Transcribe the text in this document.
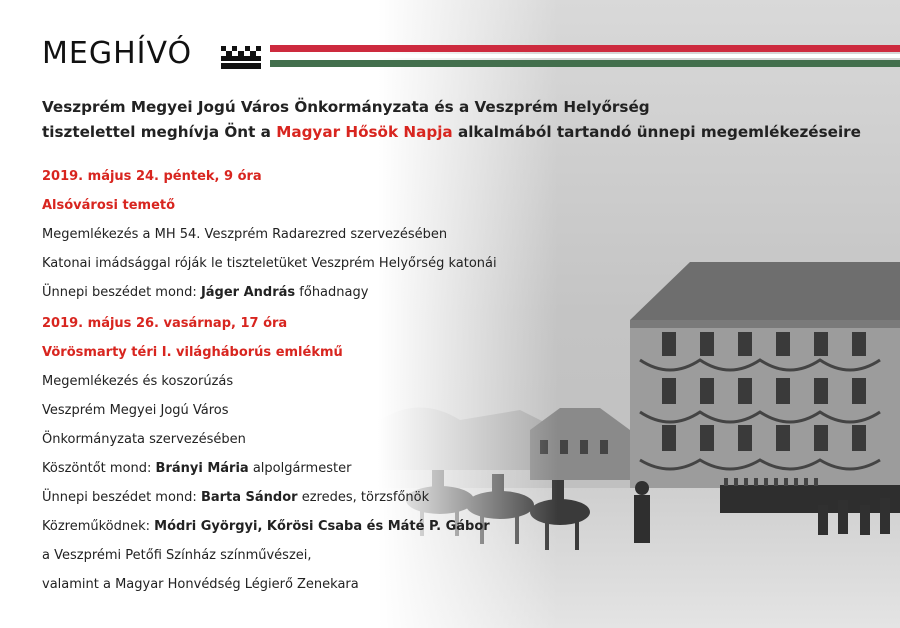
MEGHÍVÓ
Veszprém Megyei Jogú Város Önkormányzata és a Veszprém Helyőrség
tisztelettel meghívja Önt a Magyar Hősök Napja alkalmából tartandó ünnepi megemlékezéseire
2019. május 24. péntek, 9 óra
Alsóvárosi temető
Megemlékezés a MH 54. Veszprém Radarezred szervezésében
Katonai imádsággal róják le tiszteletüket Veszprém Helyőrség katonái
Ünnepi beszédet mond: Jáger András főhadnagy
2019. május 26. vasárnap, 17 óra
Vörösmarty téri I. világháborús emlékmű
Megemlékezés és koszorúzás
Veszprém Megyei Jogú Város
Önkormányzata szervezésében
Köszöntőt mond: Brányi Mária alpolgármester
Ünnepi beszédet mond: Barta Sándor ezredes, törzsfőnök
Közreműködnek: Módri Györgyi, Kőrösi Csaba és Máté P. Gábor
a Veszprémi Petőfi Színház színművészei,
valamint a Magyar Honvédség Légierő Zenekara
